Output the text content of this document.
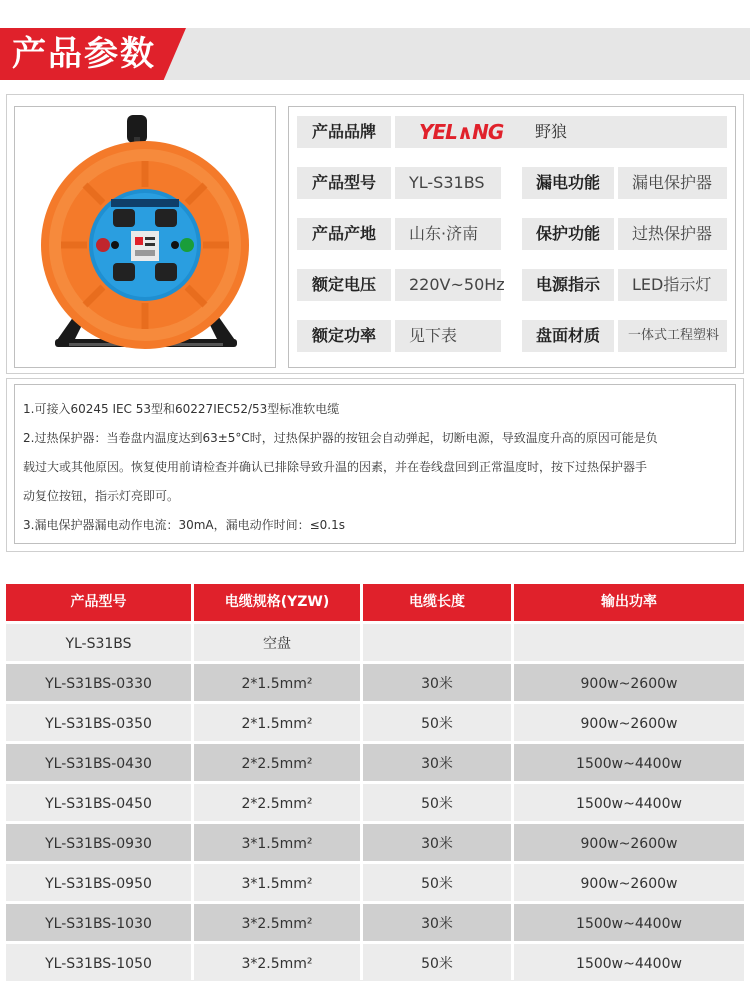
产品参数
产品品牌	YEL∧NG 野狼
产品型号	YL-S31BS	漏电功能	漏电保护器
产品产地	山东·济南	保护功能	过热保护器
额定电压	220V~50Hz	电源指示	LED指示灯
额定功率	见下表	盘面材质	一体式工程塑料
1.可接入60245 IEC 53型和60227IEC52/53型标准软电缆
2.过热保护器：当卷盘内温度达到63±5°C时，过热保护器的按钮会自动弹起，切断电源，导致温度升高的原因可能是负
载过大或其他原因。恢复使用前请检查并确认已排除导致升温的因素，并在卷线盘回到正常温度时，按下过热保护器手
动复位按钮，指示灯亮即可。
3.漏电保护器漏电动作电流：30mA，漏电动作时间：≤0.1s
产品型号	电缆规格(YZW)	电缆长度	输出功率
YL-S31BS	空盘
YL-S31BS-0330	2*1.5mm²	30米	900w~2600w
YL-S31BS-0350	2*1.5mm²	50米	900w~2600w
YL-S31BS-0430	2*2.5mm²	30米	1500w~4400w
YL-S31BS-0450	2*2.5mm²	50米	1500w~4400w
YL-S31BS-0930	3*1.5mm²	30米	900w~2600w
YL-S31BS-0950	3*1.5mm²	50米	900w~2600w
YL-S31BS-1030	3*2.5mm²	30米	1500w~4400w
YL-S31BS-1050	3*2.5mm²	50米	1500w~4400w
